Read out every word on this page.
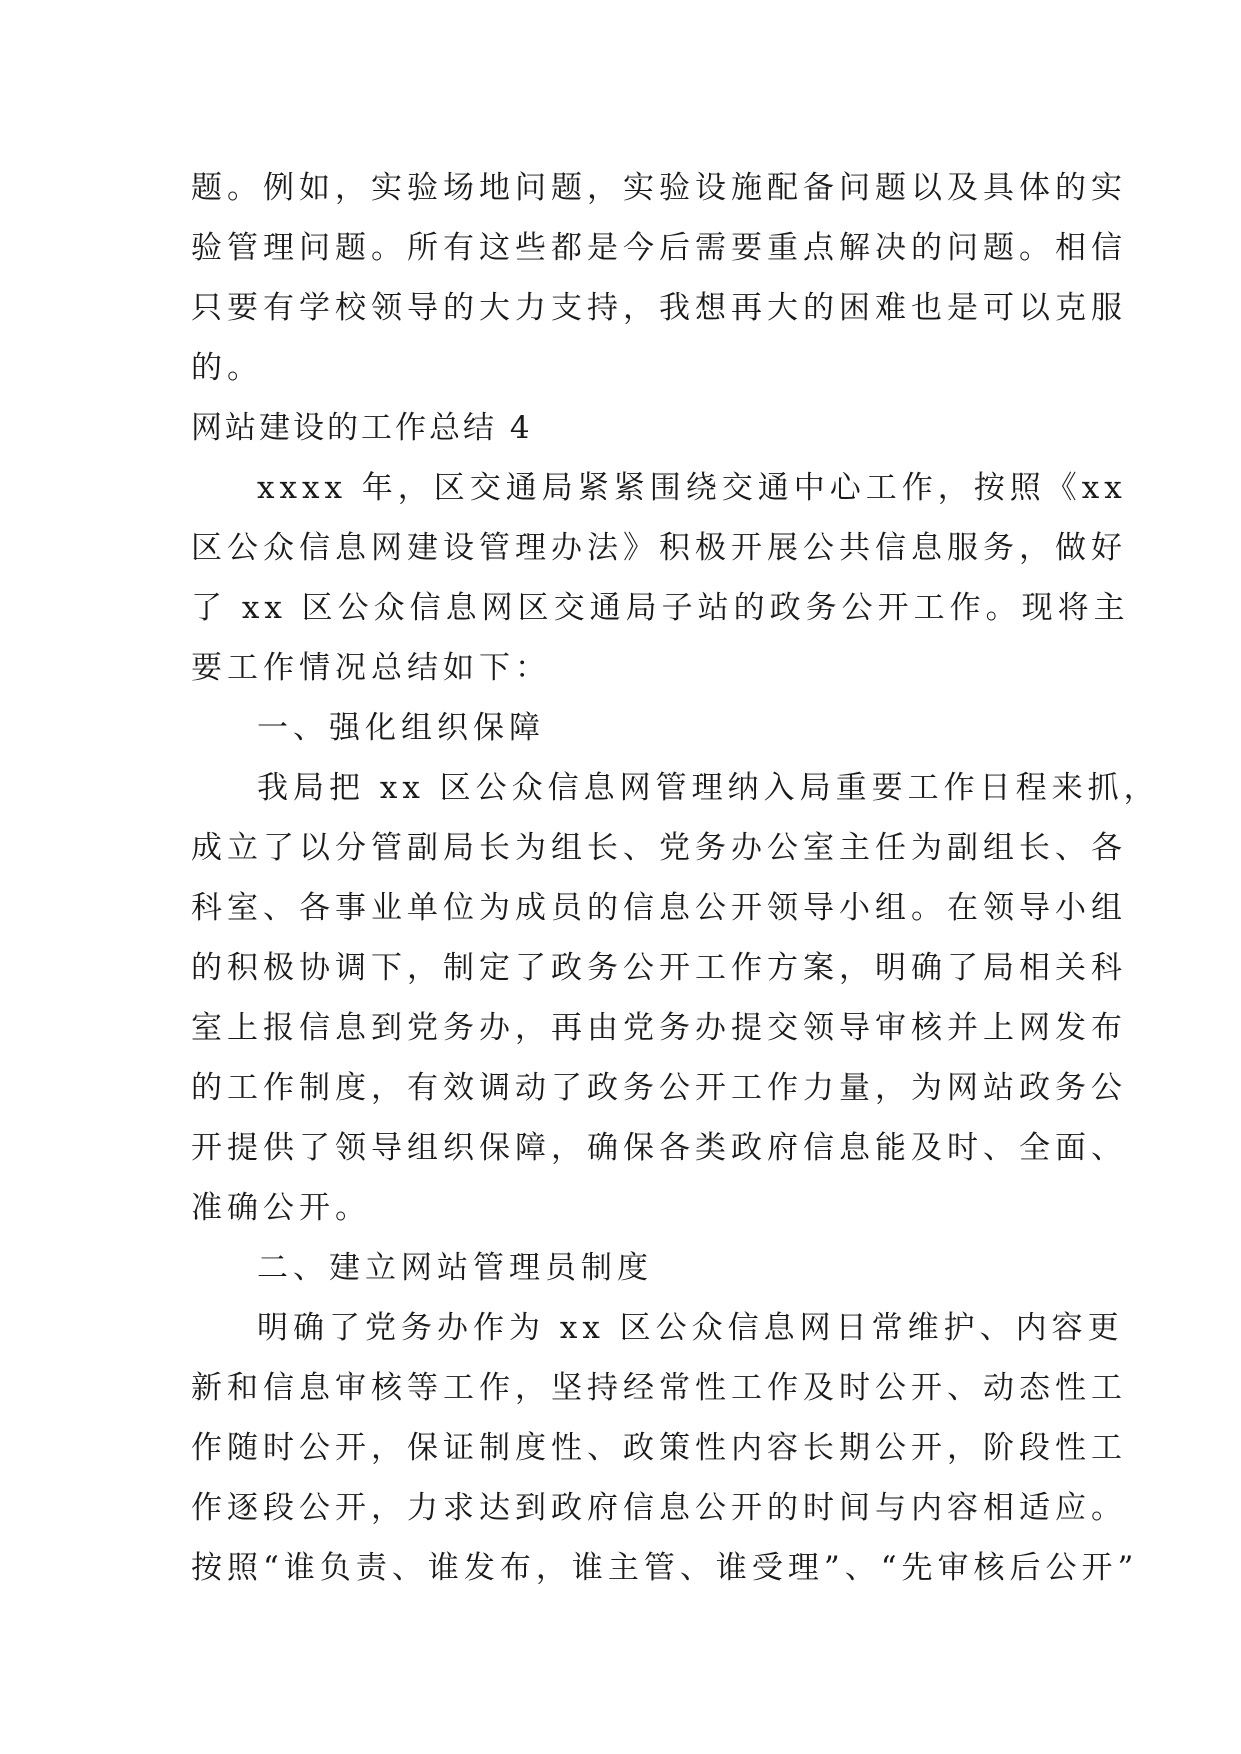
题。例如，实验场地问题，实验设施配备问题以及具体的实
验管理问题。所有这些都是今后需要重点解决的问题。相信
只要有学校领导的大力支持，我想再大的困难也是可以克服
的。
网站建设的工作总结 4
xxxx 年，区交通局紧紧围绕交通中心工作，按照《xx
区公众信息网建设管理办法》积极开展公共信息服务，做好
了 xx 区公众信息网区交通局子站的政务公开工作。现将主
要工作情况总结如下：
一、强化组织保障
我局把 xx 区公众信息网管理纳入局重要工作日程来抓，
成立了以分管副局长为组长、党务办公室主任为副组长、各
科室、各事业单位为成员的信息公开领导小组。在领导小组
的积极协调下，制定了政务公开工作方案，明确了局相关科
室上报信息到党务办，再由党务办提交领导审核并上网发布
的工作制度，有效调动了政务公开工作力量，为网站政务公
开提供了领导组织保障，确保各类政府信息能及时、全面、
准确公开。
二、建立网站管理员制度
明确了党务办作为 xx 区公众信息网日常维护、内容更
新和信息审核等工作，坚持经常性工作及时公开、动态性工
作随时公开，保证制度性、政策性内容长期公开，阶段性工
作逐段公开，力求达到政府信息公开的时间与内容相适应。
按照“谁负责、谁发布，谁主管、谁受理”、“先审核后公开”
